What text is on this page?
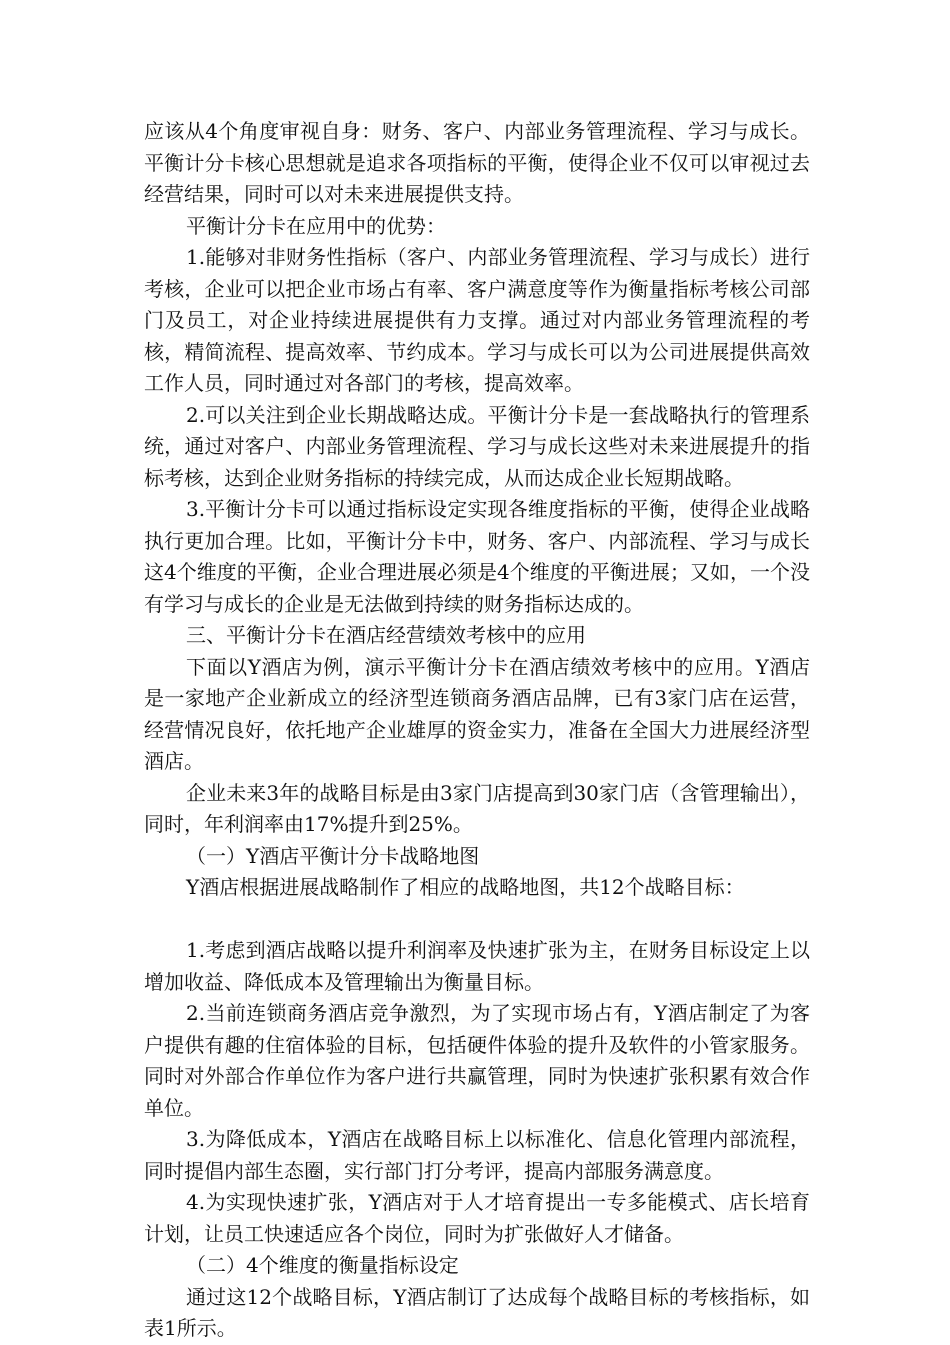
应该从4个角度审视自身：财务、客户、内部业务管理流程、学习与成长。平衡计分卡核心思想就是追求各项指标的平衡，使得企业不仅可以审视过去经营结果，同时可以对未来进展提供支持。

平衡计分卡在应用中的优势：

1.能够对非财务性指标（客户、内部业务管理流程、学习与成长）进行考核，企业可以把企业市场占有率、客户满意度等作为衡量指标考核公司部门及员工，对企业持续进展提供有力支撑。通过对内部业务管理流程的考核，精简流程、提高效率、节约成本。学习与成长可以为公司进展提供高效工作人员，同时通过对各部门的考核，提高效率。

2.可以关注到企业长期战略达成。平衡计分卡是一套战略执行的管理系统，通过对客户、内部业务管理流程、学习与成长这些对未来进展提升的指标考核，达到企业财务指标的持续完成，从而达成企业长短期战略。

3.平衡计分卡可以通过指标设定实现各维度指标的平衡，使得企业战略执行更加合理。比如，平衡计分卡中，财务、客户、内部流程、学习与成长这4个维度的平衡，企业合理进展必须是4个维度的平衡进展；又如，一个没有学习与成长的企业是无法做到持续的财务指标达成的。

三、平衡计分卡在酒店经营绩效考核中的应用

下面以Y酒店为例，演示平衡计分卡在酒店绩效考核中的应用。Y酒店是一家地产企业新成立的经济型连锁商务酒店品牌，已有3家门店在运营，经营情况良好，依托地产企业雄厚的资金实力，准备在全国大力进展经济型酒店。

企业未来3年的战略目标是由3家门店提高到30家门店（含管理输出），同时，年利润率由17%提升到25%。

（一）Y酒店平衡计分卡战略地图

Y酒店根据进展战略制作了相应的战略地图，共12个战略目标：

1.考虑到酒店战略以提升利润率及快速扩张为主，在财务目标设定上以增加收益、降低成本及管理输出为衡量目标。

2.当前连锁商务酒店竞争激烈，为了实现市场占有，Y酒店制定了为客户提供有趣的住宿体验的目标，包括硬件体验的提升及软件的小管家服务。同时对外部合作单位作为客户进行共赢管理，同时为快速扩张积累有效合作单位。

3.为降低成本，Y酒店在战略目标上以标准化、信息化管理内部流程，同时提倡内部生态圈，实行部门打分考评，提高内部服务满意度。

4.为实现快速扩张，Y酒店对于人才培育提出一专多能模式、店长培育计划，让员工快速适应各个岗位，同时为扩张做好人才储备。

（二）4个维度的衡量指标设定

通过这12个战略目标，Y酒店制订了达成每个战略目标的考核指标，如表1所示。
